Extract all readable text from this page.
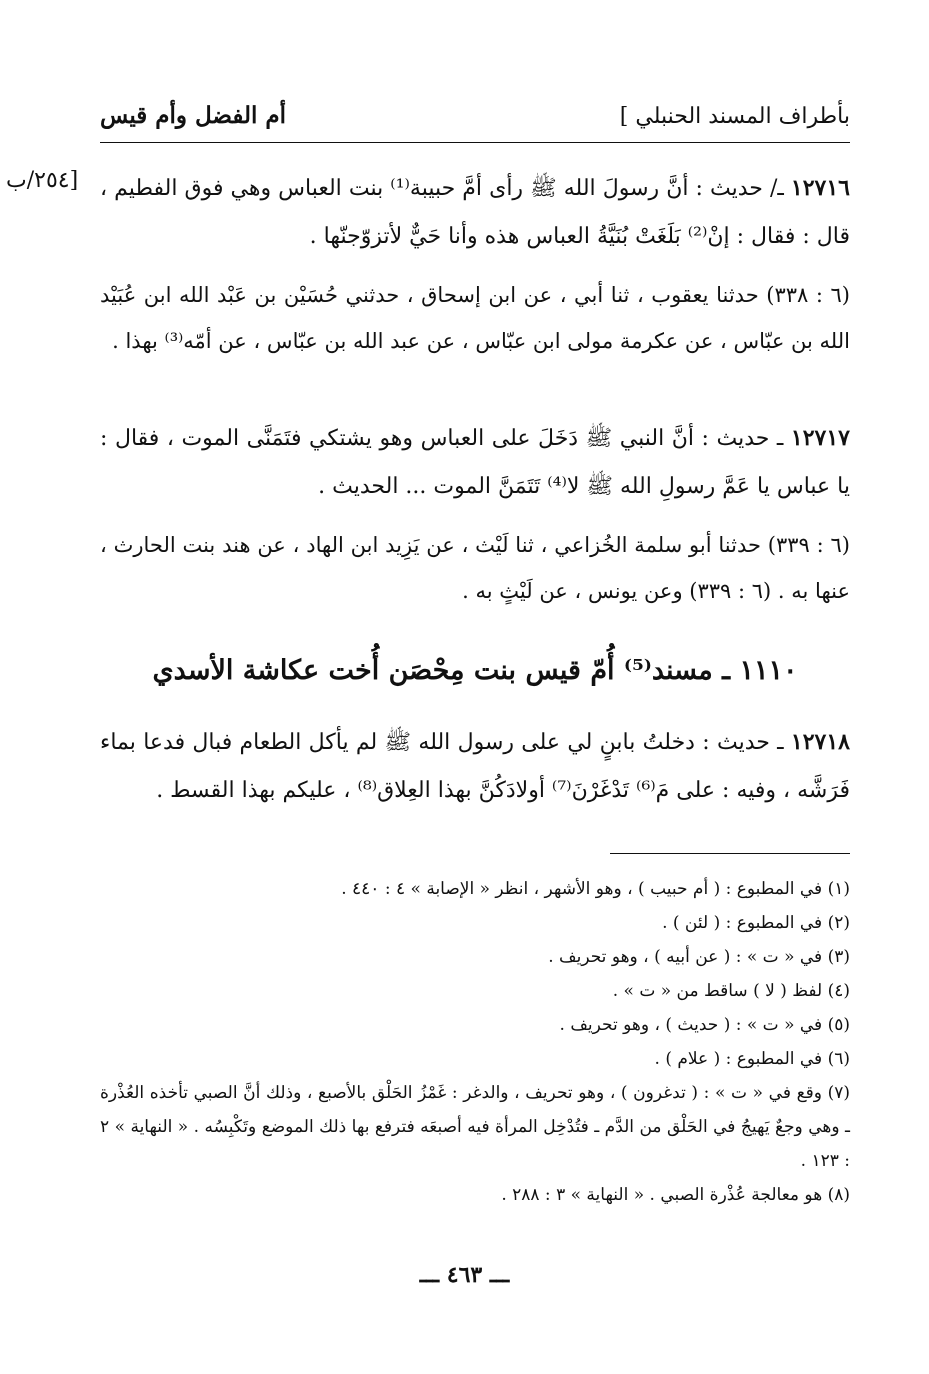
بأطراف المسند الحنبلي ]
أم الفضل وأم قيس
[٢٥٤/ب	١٢٧١٦ ـ/ حديث : أنَّ رسولَ الله ﷺ رأى أمَّ حبيبة⁽¹⁾ بنت العباس وهي فوق الفطيم ، قال : فقال : إنْ⁽²⁾ بَلَغَتْ بُنَيَّةُ العباس هذه وأنا حَيٌّ لأتزوّجنّها .
(٦ : ٣٣٨) حدثنا يعقوب ، ثنا أبي ، عن ابن إسحاق ، حدثني حُسَيْن بن عَبْد الله ابن عُبَيْد الله بن عبّاس ، عن عكرمة مولى ابن عبّاس ، عن عبد الله بن عبّاس ، عن أمّه⁽³⁾ بهذا .
١٢٧١٧ ـ حديث : أنَّ النبي ﷺ دَخَلَ على العباس وهو يشتكي فتَمَنَّى الموت ، فقال : يا عباس يا عَمَّ رسولِ الله ﷺ لا⁽⁴⁾ تَتَمَنَّ الموت ... الحديث .
(٦ : ٣٣٩) حدثنا أبو سلمة الخُزاعي ، ثنا لَيْث ، عن يَزِيد ابن الهاد ، عن هند بنت الحارث ، عنها به . (٦ : ٣٣٩) وعن يونس ، عن لَيْثٍ به .
١١١٠ ـ مسند⁽⁵⁾ أُمّ قيس بنت مِحْصَن أُخت عكاشة الأسدي
١٢٧١٨ ـ حديث : دخلتُ بابنٍ لي على رسول الله ﷺ لم يأكل الطعام فبال فدعا بماء فَرَشَّه ، وفيه : على مَ⁽⁶⁾ تَدْغَرْنَ⁽⁷⁾ أولادَكُنَّ بهذا العِلاق⁽⁸⁾ ، عليكم بهذا القسط .
(١) في المطبوع : ( أم حبيب ) ، وهو الأشهر ، انظر « الإصابة » ٤ : ٤٤٠ .
(٢) في المطبوع : ( لئن ) .
(٣) في « ت » : ( عن أبيه ) ، وهو تحريف .
(٤) لفظ ( لا ) ساقط من « ت » .
(٥) في « ت » : ( حديث ) ، وهو تحريف .
(٦) في المطبوع : ( علام ) .
(٧) وقع في « ت » : ( تدغرون ) ، وهو تحريف ، والدغر : غَمْزُ الحَلْق بالأصبع ، وذلك أنَّ الصبي تأخذه العُذْرة ـ وهي وجعٌ يَهيجُ في الحَلْق من الدَّم ـ فتُدْخِل المرأة فيه أصبعَه فترفع بها ذلك الموضع وتَكْبِسُه . « النهاية » ٢ : ١٢٣ .
(٨) هو معالجة عُذْرة الصبي . « النهاية » ٣ : ٢٨٨ .
ـــ ٤٦٣ ـــ
